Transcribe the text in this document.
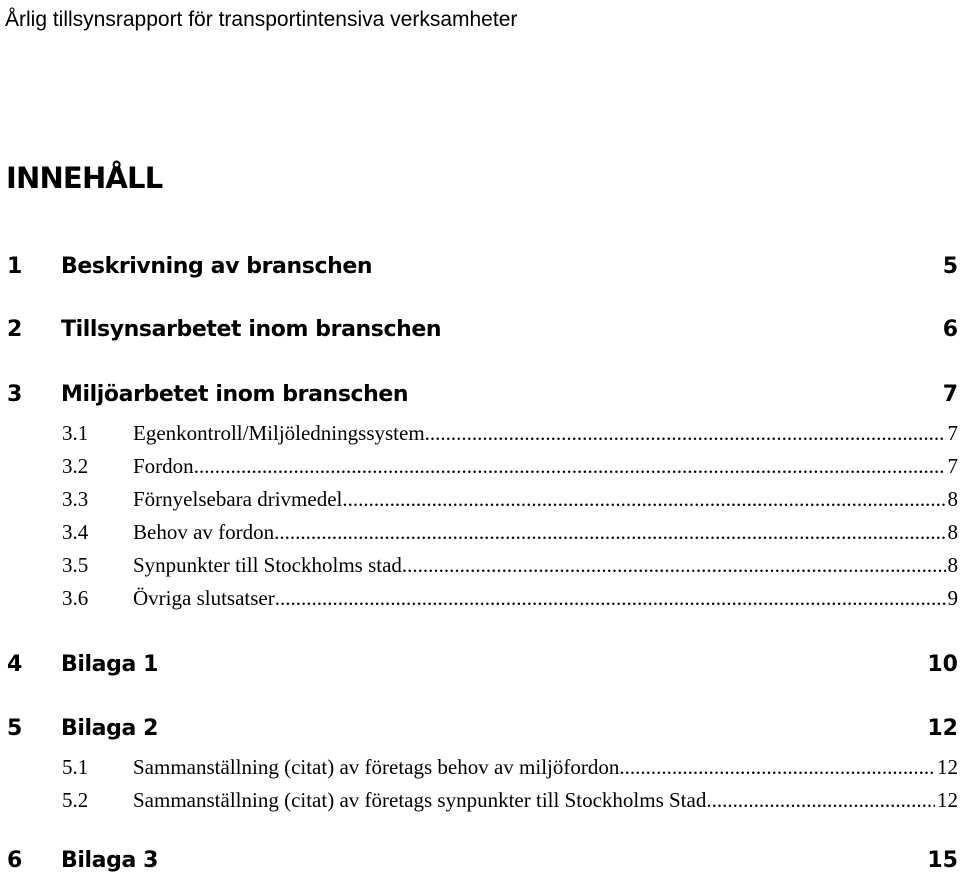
Årlig tillsynsrapport för transportintensiva verksamheter
INNEHÅLL
1 Beskrivning av branschen	5
2 Tillsynsarbetet inom branschen	6
3 Miljöarbetet inom branschen	7
3.1 Egenkontroll/Miljöledningssystem .....	7
3.2 Fordon .....	7
3.3 Förnyelsebara drivmedel. .....	8
3.4 Behov av fordon .....	8
3.5 Synpunkter till Stockholms stad. .....	8
3.6 Övriga slutsatser .....	9
4 Bilaga 1	10
5 Bilaga 2	12
5.1 Sammanställning (citat) av företags behov av miljöfordon .....	12
5.2 Sammanställning (citat) av företags synpunkter till Stockholms Stad .....	12
6 Bilaga 3	15
